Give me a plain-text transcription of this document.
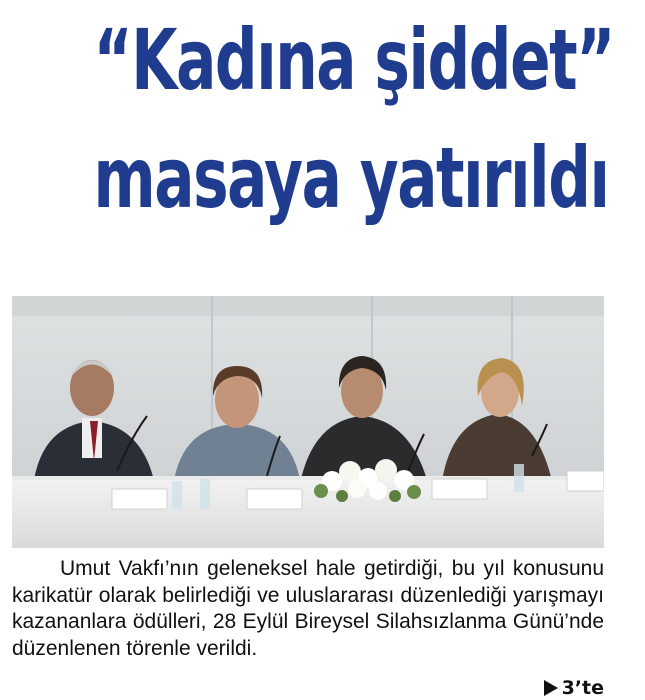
“Kadına şiddet”
masaya yatırıldı

Umut Vakfı’nın geleneksel hale getirdiği, bu yıl konusunu karikatür olarak belirlediği ve uluslararası düzenlediği yarışmayı kazananlara ödülleri, 28 Eylül Bireysel Silahsızlanma Günü’nde düzenlenen törenle verildi.

3’te
